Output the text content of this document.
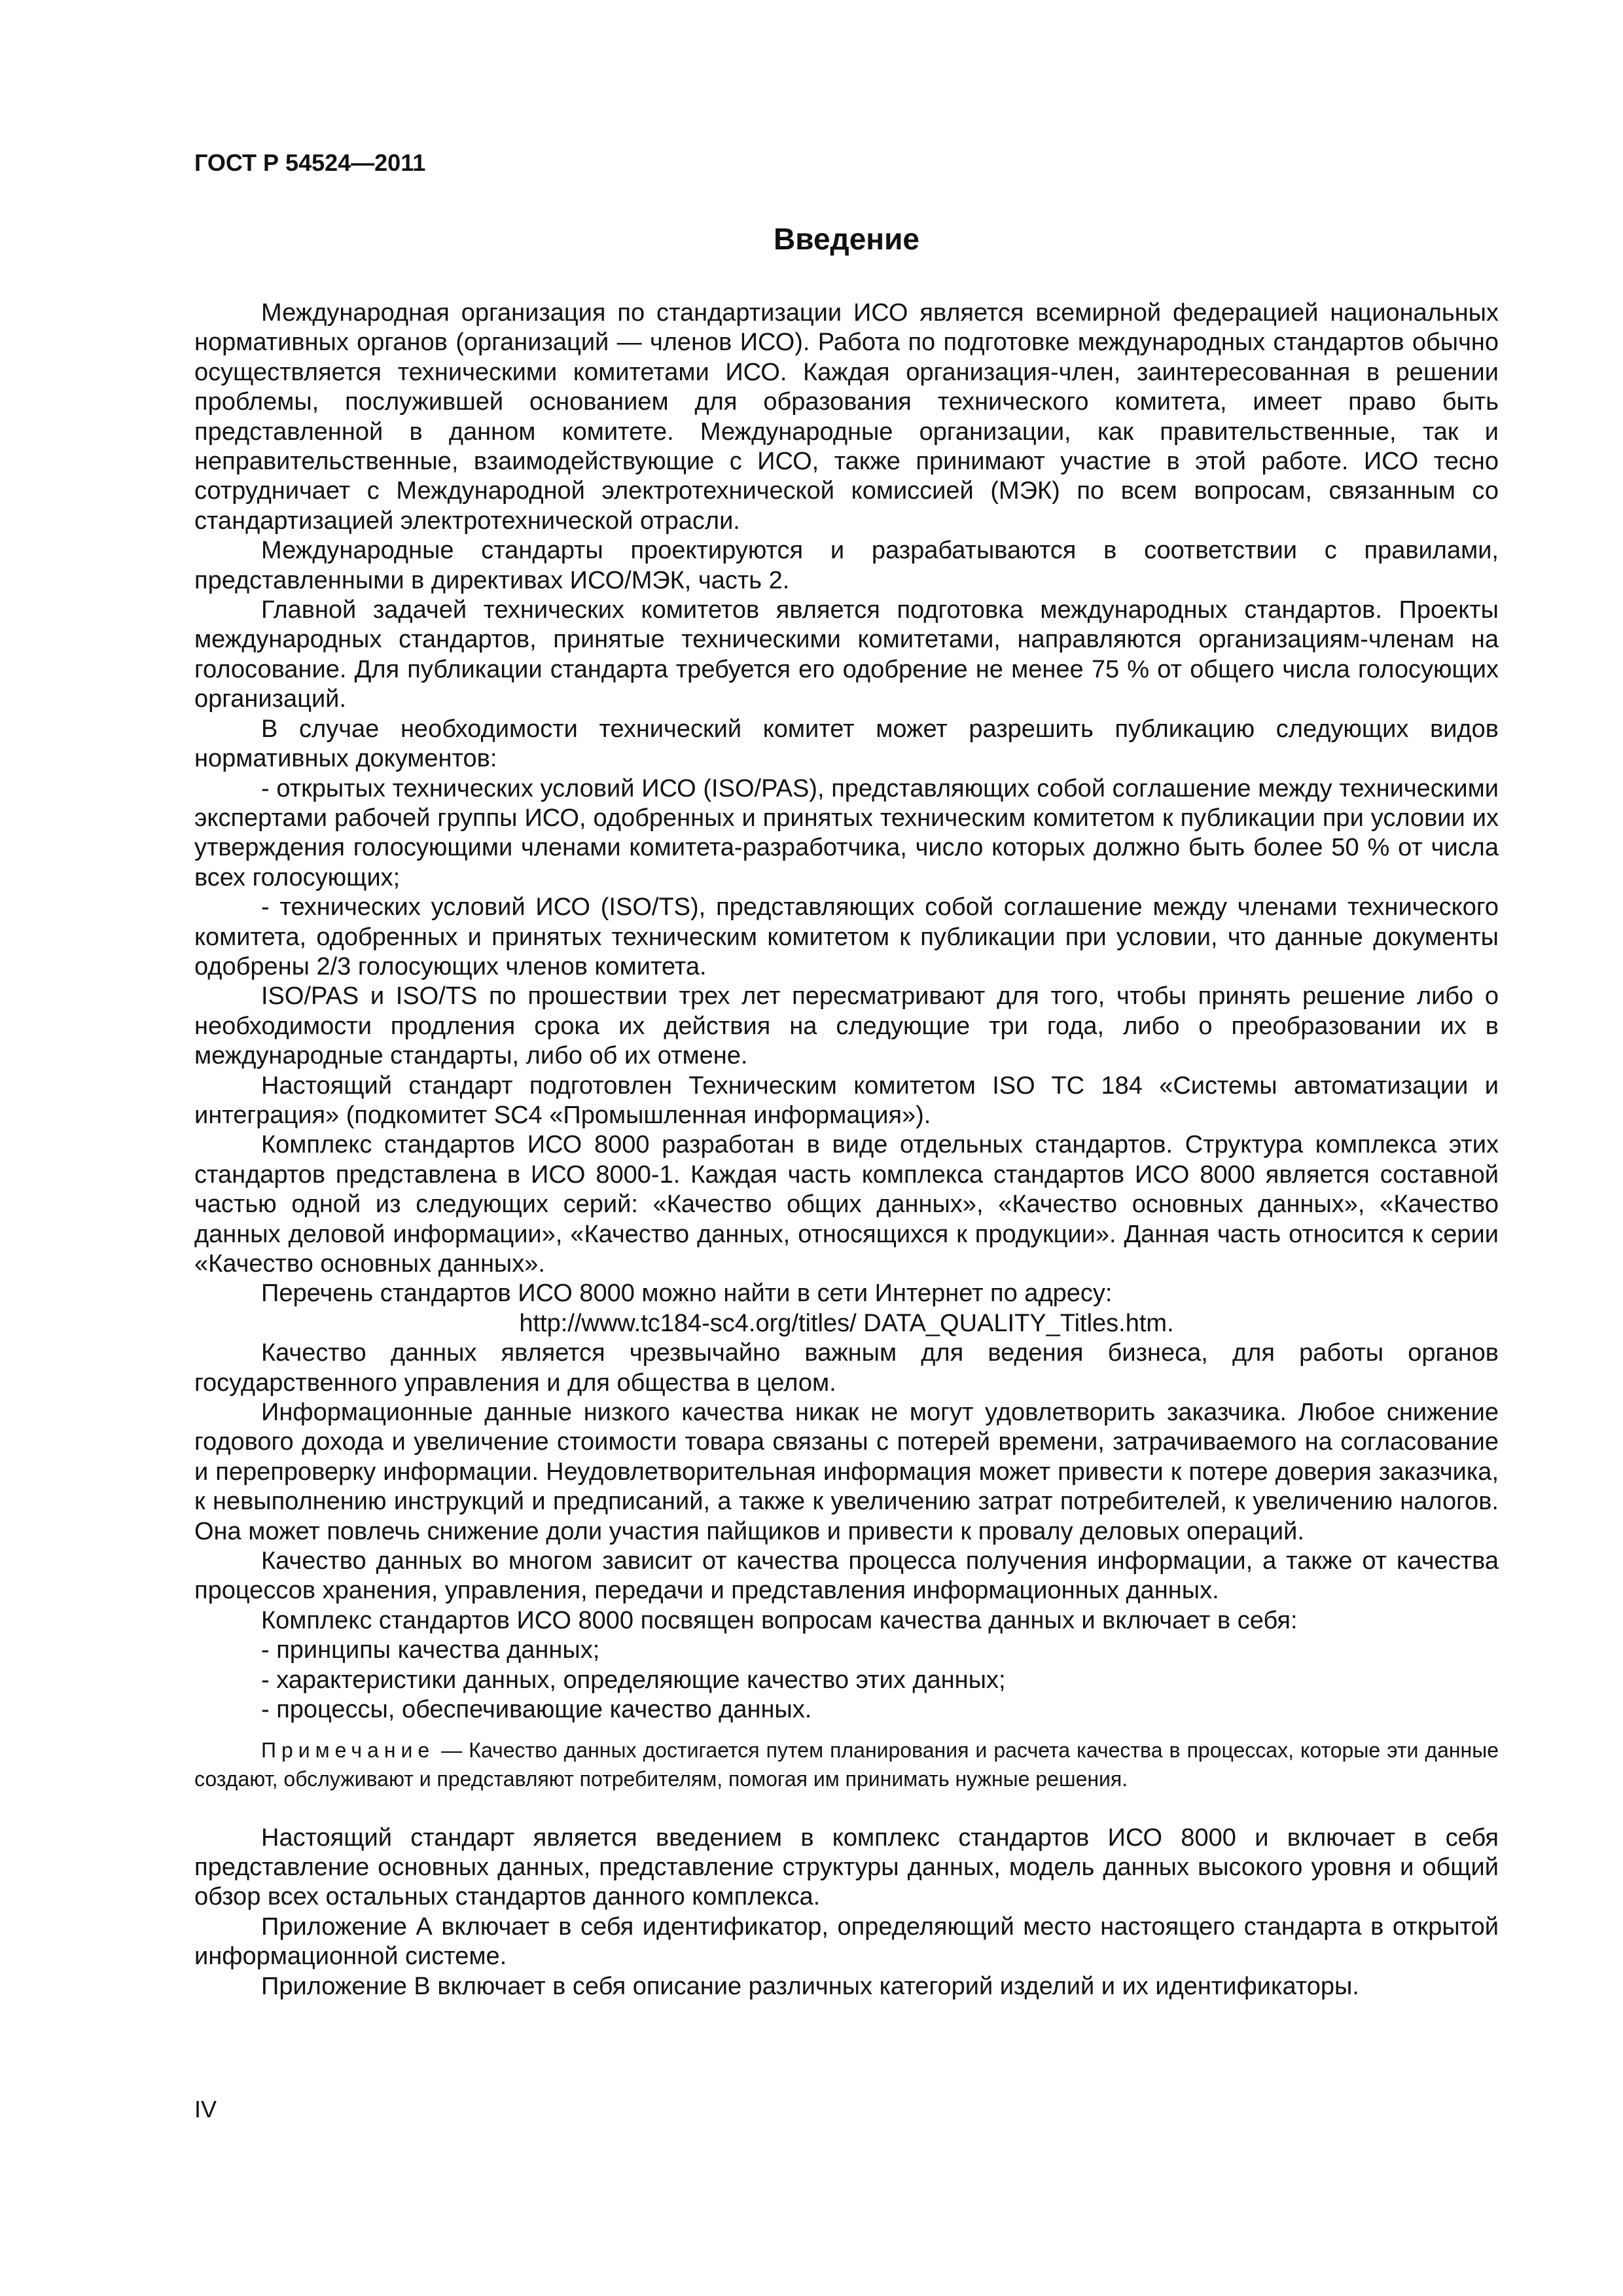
ГОСТ Р 54524—2011
Введение

Международная организация по стандартизации ИСО является всемирной федерацией национальных нормативных органов (организаций — членов ИСО). Работа по подготовке международных стандартов обычно осуществляется техническими комитетами ИСО. Каждая организация-член, заинтересованная в решении проблемы, послужившей основанием для образования технического комитета, имеет право быть представленной в данном комитете. Международные организации, как правительственные, так и неправительственные, взаимодействующие с ИСО, также принимают участие в этой работе. ИСО тесно сотрудничает с Международной электротехнической комиссией (МЭК) по всем вопросам, связанным со стандартизацией электротехнической отрасли.

Международные стандарты проектируются и разрабатываются в соответствии с правилами, представленными в директивах ИСО/МЭК, часть 2.

Главной задачей технических комитетов является подготовка международных стандартов. Проекты международных стандартов, принятые техническими комитетами, направляются организациям-членам на голосование. Для публикации стандарта требуется его одобрение не менее 75 % от общего числа голосующих организаций.

В случае необходимости технический комитет может разрешить публикацию следующих видов нормативных документов:

- открытых технических условий ИСО (ISO/PAS), представляющих собой соглашение между техническими экспертами рабочей группы ИСО, одобренных и принятых техническим комитетом к публикации при условии их утверждения голосующими членами комитета-разработчика, число которых должно быть более 50 % от числа всех голосующих;

- технических условий ИСО (ISO/TS), представляющих собой соглашение между членами технического комитета, одобренных и принятых техническим комитетом к публикации при условии, что данные документы одобрены 2/3 голосующих членов комитета.

ISO/PAS и ISO/TS по прошествии трех лет пересматривают для того, чтобы принять решение либо о необходимости продления срока их действия на следующие три года, либо о преобразовании их в международные стандарты, либо об их отмене.

Настоящий стандарт подготовлен Техническим комитетом ISO TC 184 «Системы автоматизации и интеграция» (подкомитет SC4 «Промышленная информация»).

Комплекс стандартов ИСО 8000 разработан в виде отдельных стандартов. Структура комплекса этих стандартов представлена в ИСО 8000-1. Каждая часть комплекса стандартов ИСО 8000 является составной частью одной из следующих серий: «Качество общих данных», «Качество основных данных», «Качество данных деловой информации», «Качество данных, относящихся к продукции». Данная часть относится к серии «Качество основных данных».

Перечень стандартов ИСО 8000 можно найти в сети Интернет по адресу:

http://www.tc184-sc4.org/titles/ DATA_QUALITY_Titles.htm.

Качество данных является чрезвычайно важным для ведения бизнеса, для работы органов государственного управления и для общества в целом.

Информационные данные низкого качества никак не могут удовлетворить заказчика. Любое снижение годового дохода и увеличение стоимости товара связаны с потерей времени, затрачиваемого на согласование и перепроверку информации. Неудовлетворительная информация может привести к потере доверия заказчика, к невыполнению инструкций и предписаний, а также к увеличению затрат потребителей, к увеличению налогов. Она может повлечь снижение доли участия пайщиков и привести к провалу деловых операций.

Качество данных во многом зависит от качества процесса получения информации, а также от качества процессов хранения, управления, передачи и представления информационных данных.

Комплекс стандартов ИСО 8000 посвящен вопросам качества данных и включает в себя:

- принципы качества данных;

- характеристики данных, определяющие качество этих данных;

- процессы, обеспечивающие качество данных.

Примечание — Качество данных достигается путем планирования и расчета качества в процессах, которые эти данные создают, обслуживают и представляют потребителям, помогая им принимать нужные решения.

Настоящий стандарт является введением в комплекс стандартов ИСО 8000 и включает в себя представление основных данных, представление структуры данных, модель данных высокого уровня и общий обзор всех остальных стандартов данного комплекса.

Приложение А включает в себя идентификатор, определяющий место настоящего стандарта в открытой информационной системе.

Приложение В включает в себя описание различных категорий изделий и их идентификаторы.

IV
